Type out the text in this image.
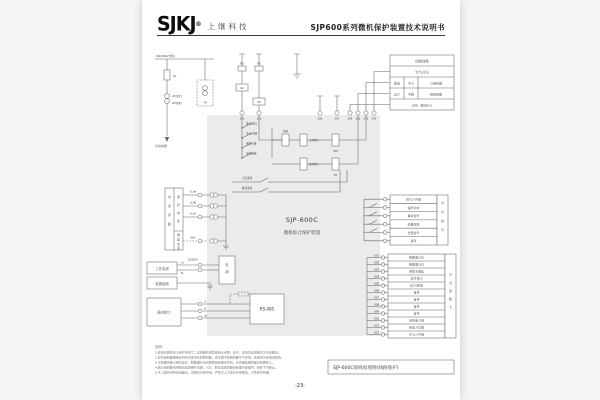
SJKJ® 上继科技	SJP600系列微机保护装置技术说明书
10kV(6kV)母线
DL
LH(保护)
LH(测量)
出线电缆
YH
RD
KK
RD
KK
101	103	105	107	109 133 135 137
遥合/遥分
手合/手跳
保护合闸
保护跳闸
防跳
合闸保持
KM
跳闸保持
TQ
合位监视
跳位监视
SJP-600C
微机综合保护装置
电流回路
保护电流
测量电流
1LHa
1LHb
1LHc
0LH
工作电源
装置接地
L+
N-
DC220V
电源
通讯接口
A
B
地
RS-485
控制回路
空气开关
就地	手合	合闸线圈
远方	手跳	跳闸线圈
合闸、跳闸出口
信号公共端
保护动作
事故信号
装置故障
告警信号
备用
中央信号
601
602
603
604
605
606
607
608
609
610
611
612
断路器合位
断路器分位
弹簧未储能
信号复归
远方/就地
备用
备用
备用
备用
闭锁重合闸
接地刀位置
开入公共端
开关量输入
说明:
1.此接线图是综合保护屏电气二次回路的典型接线示意图，其中，虚线及虚线框内为可选配线。
2.如实际断路器操动机构内部带有防跳回路，则本图中防跳回路可不使用，按现场实际情况接线。
3.本装置带重合闸功能时，断路器应选用弹簧储能操动机构，并将储能辅助触点按图接入。
4.跳合闸回路采用强电直流操作电源，合位、跳位监视回路由装置内部提供，极性不可接反。
5.开入量均采用弱电触点，由微机内部供电，严禁引入交流及外部强电，以免损坏装置。
SJP-600C接线原理图(线路保护)
-23-
